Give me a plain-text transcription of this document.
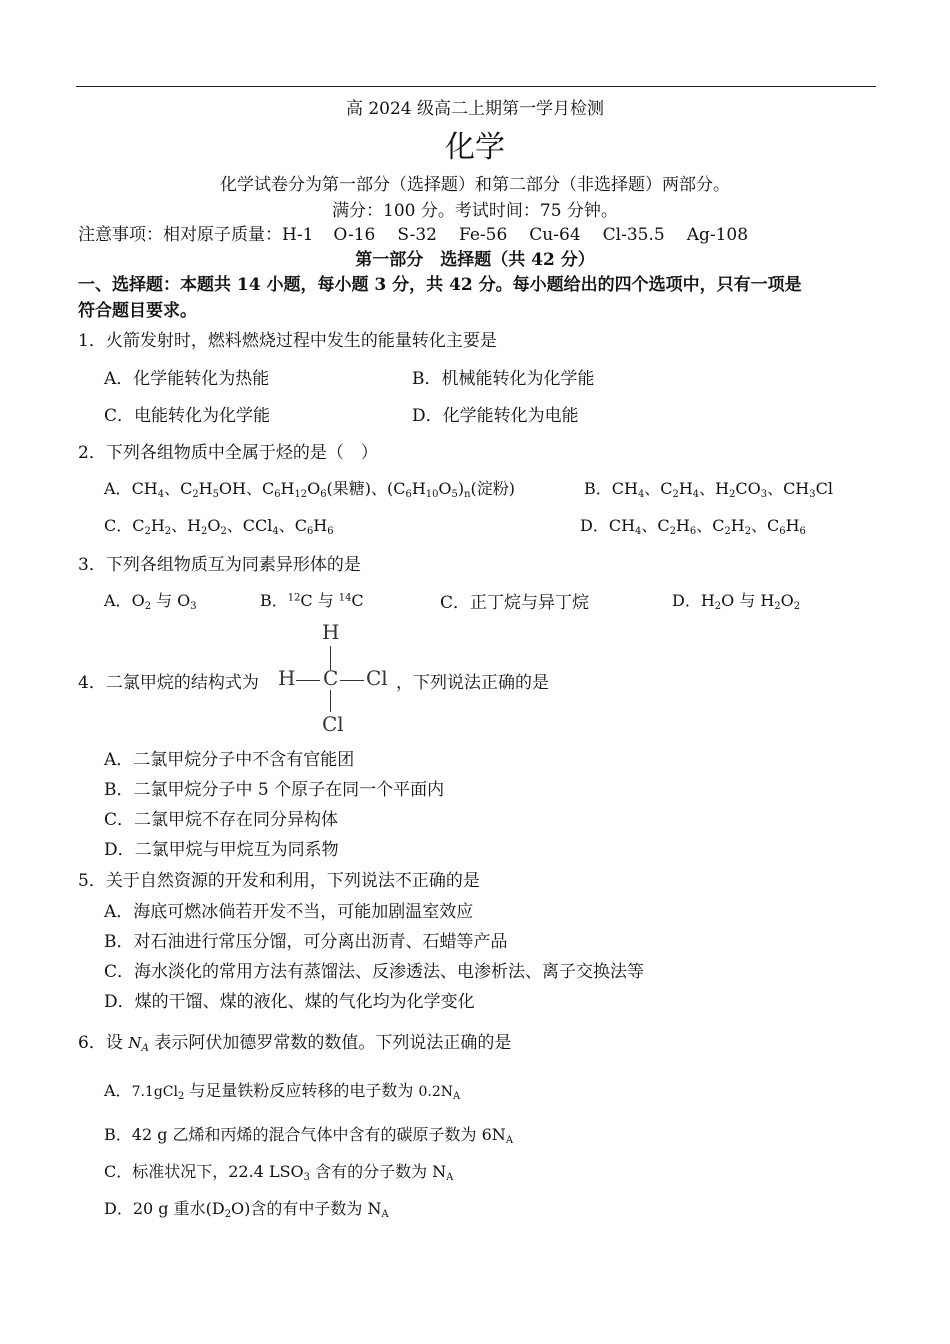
高 2024 级高二上期第一学月检测
化学
化学试卷分为第一部分（选择题）和第二部分（非选择题）两部分。
满分：100 分。考试时间：75 分钟。
注意事项：相对原子质量：H-1 O-16 S-32 Fe-56 Cu-64 Cl-35.5 Ag-108
第一部分　选择题（共 42 分）
一、选择题：本题共 14 小题，每小题 3 分，共 42 分。每小题给出的四个选项中，只有一项是
符合题目要求。
1．火箭发射时，燃料燃烧过程中发生的能量转化主要是
A．化学能转化为热能	B．机械能转化为化学能
C．电能转化为化学能	D．化学能转化为电能
2．下列各组物质中全属于烃的是（　）
A．$CH_4$、$C_2H_5OH$、$C_6H_{12}O_6$(果糖)、$(C_6H_{10}O_5)_n$(淀粉)	B．$CH_4$、$C_2H_4$、$H_2CO_3$、$CH_3Cl$
C．$C_2H_2$、$H_2O_2$、CCl$_4$、$C_6H_6$	D．$CH_4$、$C_2H_6$、$C_2H_2$、$C_6H_6$
3．下列各组物质互为同素异形体的是
A．$O_2$ 与 $O_3$	B．$^{12}$C 与 $^{14}$C	C．正丁烷与异丁烷	D．$H_2O$ 与 $H_2O_2$
4．二氯甲烷的结构式为
H
H C Cl
Cl
，下列说法正确的是
A．二氯甲烷分子中不含有官能团
B．二氯甲烷分子中 5 个原子在同一个平面内
C．二氯甲烷不存在同分异构体
D．二氯甲烷与甲烷互为同系物
5．关于自然资源的开发和利用，下列说法不正确的是
A．海底可燃冰倘若开发不当，可能加剧温室效应
B．对石油进行常压分馏，可分离出沥青、石蜡等产品
C．海水淡化的常用方法有蒸馏法、反渗透法、电渗析法、离子交换法等
D．煤的干馏、煤的液化、煤的气化均为化学变化
6．设 $N_A$ 表示阿伏加德罗常数的数值。下列说法正确的是
A．7.1gCl$_2$ 与足量铁粉反应转移的电子数为 $0.2N_A$
B．42 g 乙烯和丙烯的混合气体中含有的碳原子数为 $6N_A$
C．标准状况下，22.4 $LSO_3$ 含有的分子数为 $N_A$
D．20 g 重水$(D_2O)$含的有中子数为 $N_A$
